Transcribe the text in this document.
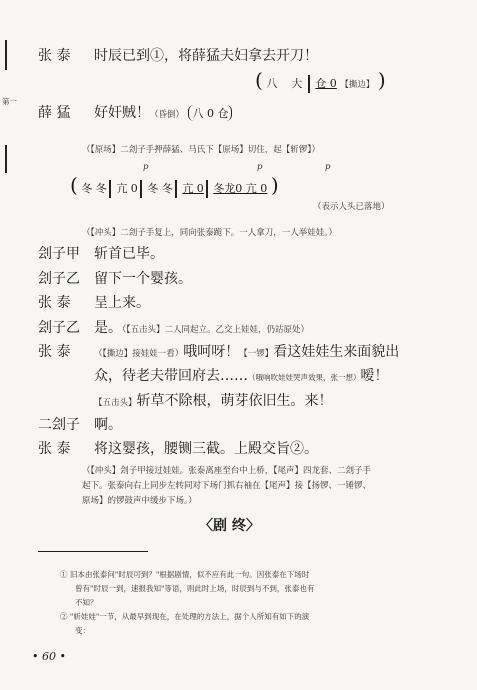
第一
张 泰 时辰已到①，将薛猛夫妇拿去开刀！
( 八 大 仓 0 【撕边】 )
薛 猛 好奸贼！（昏倒） 八 0 仓
（【原场】二刽子手押薛猛、马氏下【原场】切住，起【斩锣】）
p	p	p
( 冬 冬 亢 0 冬 冬 亢 0 冬龙0 亢 0 )
（表示人头已落地）
（【冲头】二刽子手复上，同向张泰跪下。一人拿刀，一人举娃娃。）
刽子甲 斩首已毕。
刽子乙 留下一个婴孩。
张 泰 呈上来。
刽子乙 是。（【五击头】二人同起立。乙交上娃娃，仍站原处）
张 泰	（【撕边】接娃娃一看）哦呵呀！【一锣】看这娃娃生来面貌出
众，待老夫带回府去……（哦响吹娃娃哭声效果，张一想）嗳！
【五击头】斩草不除根，萌芽依旧生。来！
二刽子 啊。
张 泰 将这婴孩，腰铡三截。上殿交旨②。
（【冲头】刽子甲接过娃娃。张泰离座至台中上桥，【尾声】四龙套、二刽子手
起下。张泰向右上同步左转同对下场门抓右袖在【尾声】接【扬锣、一锤锣、
原场】的锣鼓声中缓步下场。）
〈剧 终〉
① 旧本由张泰问"时辰可到？"根据剧情，似不应有此一句。因张泰在下场时
曾有"时辰一到，速报我知"等语，则此时上场，时辰到与不到，张泰也有
不知？
② "斩娃娃"一节，从最早到现在，在处理的方法上，据个人所知有如下的演
变：
• 60 •
